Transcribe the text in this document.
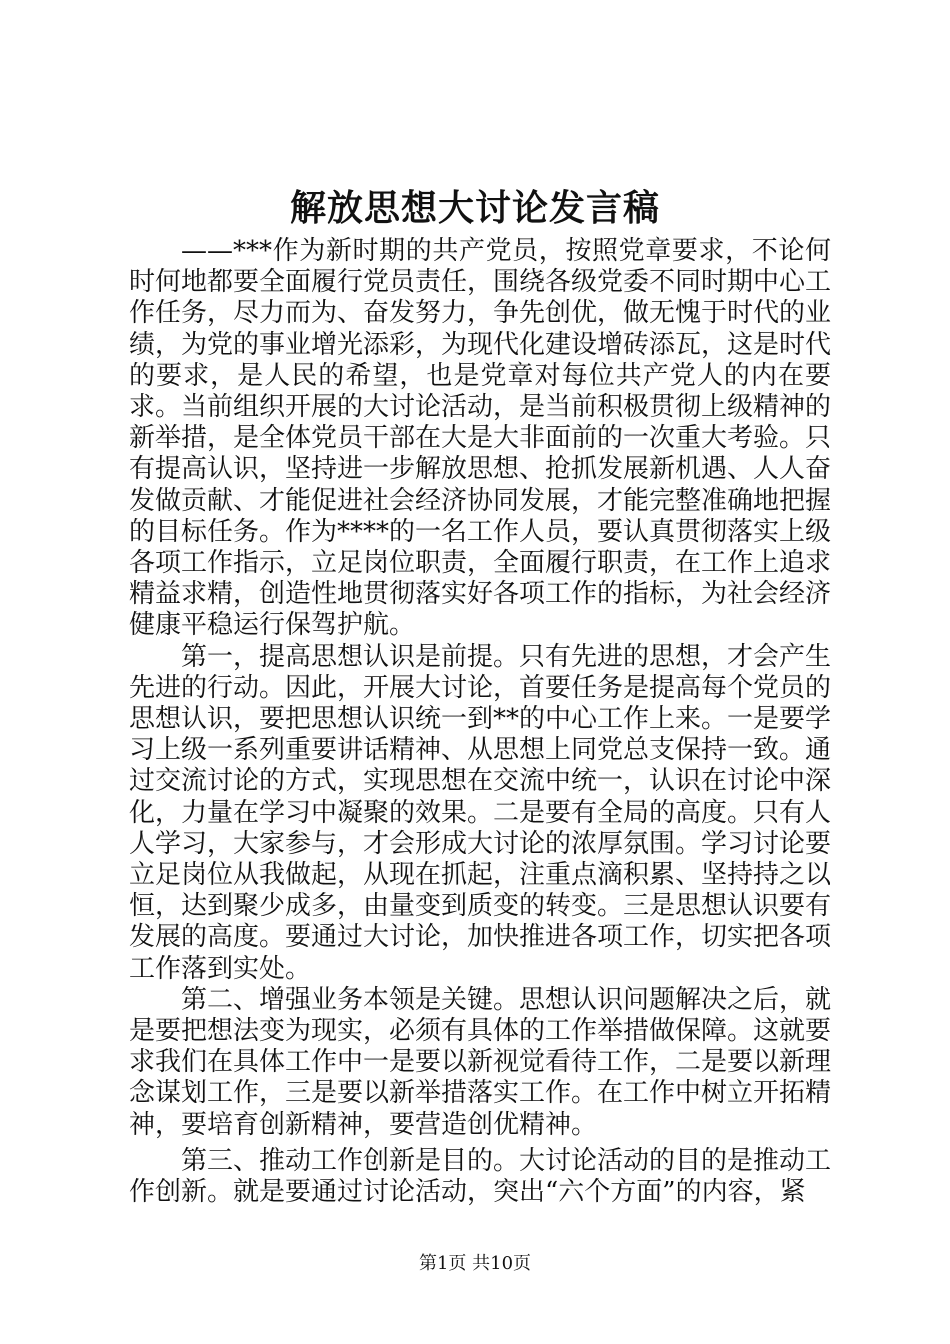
解放思想大讨论发言稿

——***作为新时期的共产党员，按照党章要求，不论何时何地都要全面履行党员责任，围绕各级党委不同时期中心工作任务，尽力而为、奋发努力，争先创优，做无愧于时代的业绩，为党的事业增光添彩，为现代化建设增砖添瓦，这是时代的要求，是人民的希望，也是党章对每位共产党人的内在要求。当前组织开展的大讨论活动，是当前积极贯彻上级精神的新举措，是全体党员干部在大是大非面前的一次重大考验。只有提高认识，坚持进一步解放思想、抢抓发展新机遇、人人奋发做贡献、才能促进社会经济协同发展，才能完整准确地把握的目标任务。作为****的一名工作人员，要认真贯彻落实上级各项工作指示，立足岗位职责，全面履行职责，在工作上追求精益求精，创造性地贯彻落实好各项工作的指标，为社会经济健康平稳运行保驾护航。

第一，提高思想认识是前提。只有先进的思想，才会产生先进的行动。因此，开展大讨论，首要任务是提高每个党员的思想认识，要把思想认识统一到**的中心工作上来。一是要学习上级一系列重要讲话精神、从思想上同党总支保持一致。通过交流讨论的方式，实现思想在交流中统一，认识在讨论中深化，力量在学习中凝聚的效果。二是要有全局的高度。只有人人学习，大家参与，才会形成大讨论的浓厚氛围。学习讨论要立足岗位从我做起，从现在抓起，注重点滴积累、坚持持之以恒，达到聚少成多，由量变到质变的转变。三是思想认识要有发展的高度。要通过大讨论，加快推进各项工作，切实把各项工作落到实处。

第二、增强业务本领是关键。思想认识问题解决之后，就是要把想法变为现实，必须有具体的工作举措做保障。这就要求我们在具体工作中一是要以新视觉看待工作，二是要以新理念谋划工作，三是要以新举措落实工作。在工作中树立开拓精神，要培育创新精神，要营造创优精神。

第三、推动工作创新是目的。大讨论活动的目的是推动工作创新。就是要通过讨论活动，突出“六个方面”的内容，紧

第1页 共10页
